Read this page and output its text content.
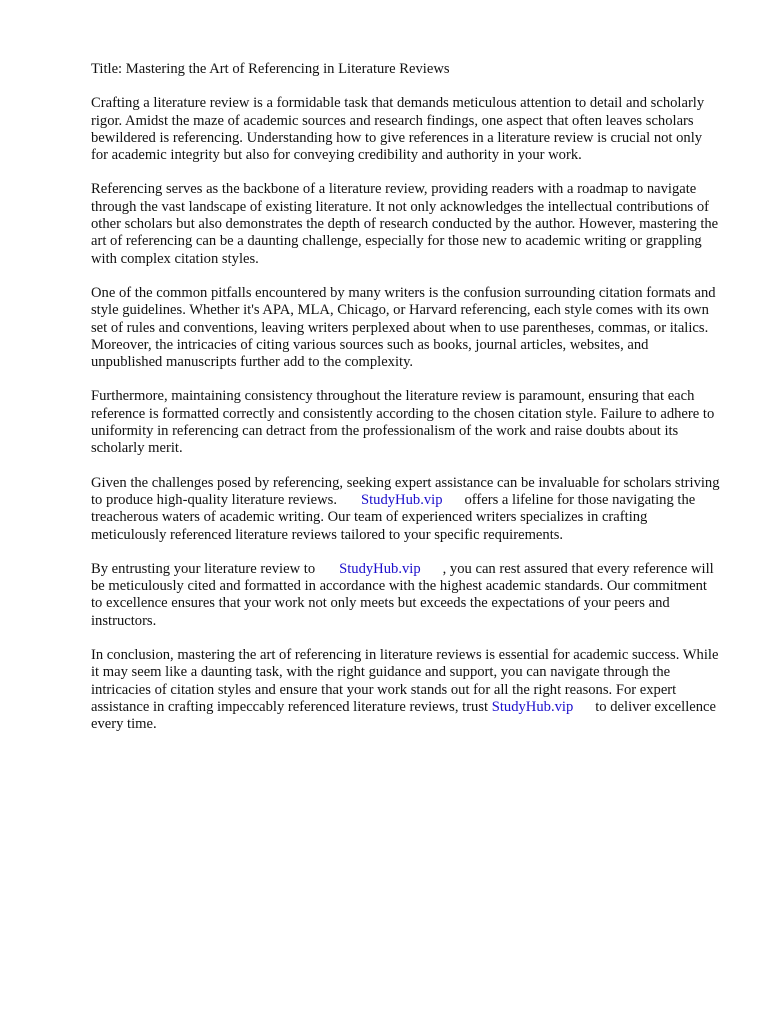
Title: Mastering the Art of Referencing in Literature Reviews

Crafting a literature review is a formidable task that demands meticulous attention to detail and scholarly rigor. Amidst the maze of academic sources and research findings, one aspect that often leaves scholars bewildered is referencing. Understanding how to give references in a literature review is crucial not only for academic integrity but also for conveying credibility and authority in your work.

Referencing serves as the backbone of a literature review, providing readers with a roadmap to navigate through the vast landscape of existing literature. It not only acknowledges the intellectual contributions of other scholars but also demonstrates the depth of research conducted by the author. However, mastering the art of referencing can be a daunting challenge, especially for those new to academic writing or grappling with complex citation styles.

One of the common pitfalls encountered by many writers is the confusion surrounding citation formats and style guidelines. Whether it's APA, MLA, Chicago, or Harvard referencing, each style comes with its own set of rules and conventions, leaving writers perplexed about when to use parentheses, commas, or italics. Moreover, the intricacies of citing various sources such as books, journal articles, websites, and unpublished manuscripts further add to the complexity.

Furthermore, maintaining consistency throughout the literature review is paramount, ensuring that each reference is formatted correctly and consistently according to the chosen citation style. Failure to adhere to uniformity in referencing can detract from the professionalism of the work and raise doubts about its scholarly merit.

Given the challenges posed by referencing, seeking expert assistance can be invaluable for scholars striving to produce high-quality literature reviews. StudyHub.vip offers a lifeline for those navigating the treacherous waters of academic writing. Our team of experienced writers specializes in crafting meticulously referenced literature reviews tailored to your specific requirements.

By entrusting your literature review to StudyHub.vip , you can rest assured that every reference will be meticulously cited and formatted in accordance with the highest academic standards. Our commitment to excellence ensures that your work not only meets but exceeds the expectations of your peers and instructors.

In conclusion, mastering the art of referencing in literature reviews is essential for academic success. While it may seem like a daunting task, with the right guidance and support, you can navigate through the intricacies of citation styles and ensure that your work stands out for all the right reasons. For expert assistance in crafting impeccably referenced literature reviews, trust StudyHub.vip to deliver excellence every time.
